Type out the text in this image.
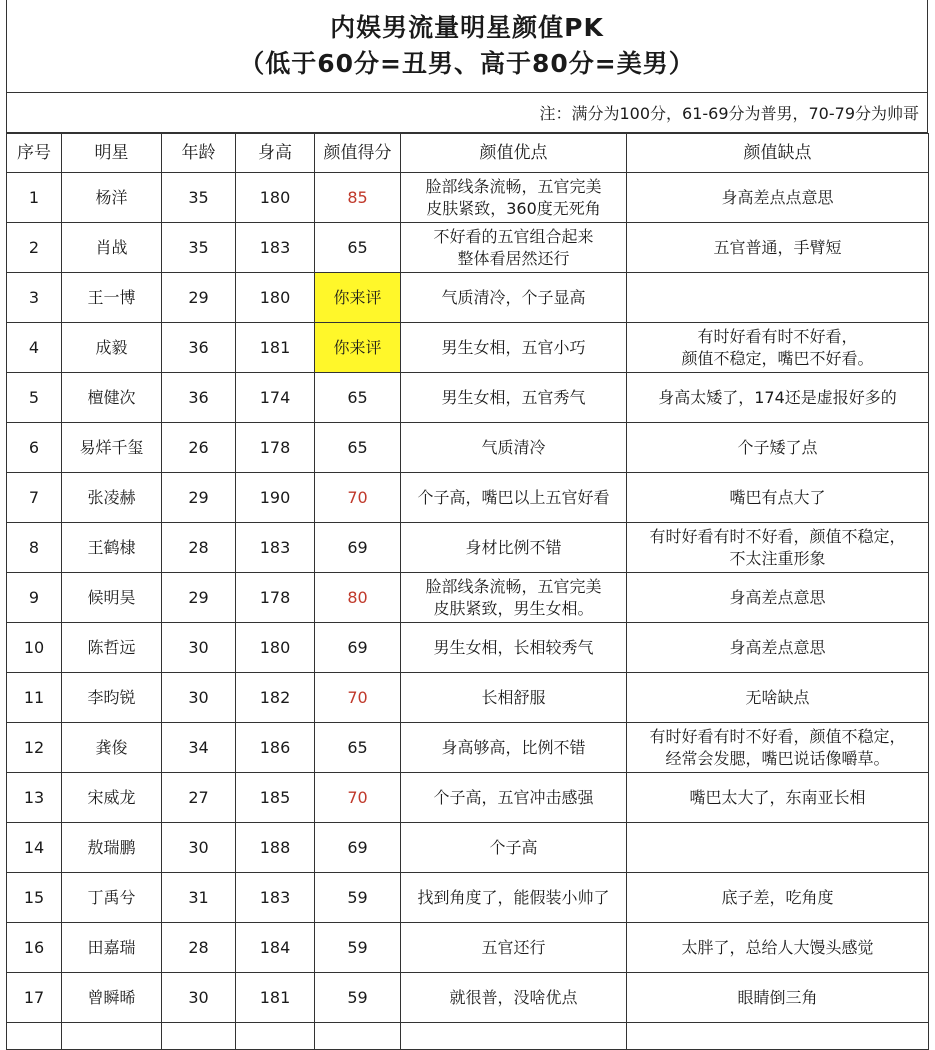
内娱男流量明星颜值PK
（低于60分=丑男、高于80分=美男）
注：满分为100分，61-69分为普男，70-79分为帅哥
序号	明星	年龄	身高	颜值得分	颜值优点	颜值缺点
1	杨洋	35	180	85	脸部线条流畅，五官完美
皮肤紧致，360度无死角	身高差点点意思
2	肖战	35	183	65	不好看的五官组合起来
整体看居然还行	五官普通，手臂短
3	王一博	29	180	你来评	气质清冷，个子显高	
4	成毅	36	181	你来评	男生女相，五官小巧	有时好看有时不好看，
颜值不稳定，嘴巴不好看。
5	檀健次	36	174	65	男生女相，五官秀气	身高太矮了，174还是虚报好多的
6	易烊千玺	26	178	65	气质清冷	个子矮了点
7	张凌赫	29	190	70	个子高，嘴巴以上五官好看	嘴巴有点大了
8	王鹤棣	28	183	69	身材比例不错	有时好看有时不好看，颜值不稳定，
不太注重形象
9	候明昊	29	178	80	脸部线条流畅，五官完美
皮肤紧致，男生女相。	身高差点意思
10	陈哲远	30	180	69	男生女相，长相较秀气	身高差点意思
11	李昀锐	30	182	70	长相舒服	无啥缺点
12	龚俊	34	186	65	身高够高，比例不错	有时好看有时不好看，颜值不稳定，
经常会发腮，嘴巴说话像嚼草。
13	宋威龙	27	185	70	个子高，五官冲击感强	嘴巴太大了，东南亚长相
14	敖瑞鹏	30	188	69	个子高	
15	丁禹兮	31	183	59	找到角度了，能假装小帅了	底子差，吃角度
16	田嘉瑞	28	184	59	五官还行	太胖了，总给人大馒头感觉
17	曾瞬晞	30	181	59	就很普，没啥优点	眼睛倒三角
